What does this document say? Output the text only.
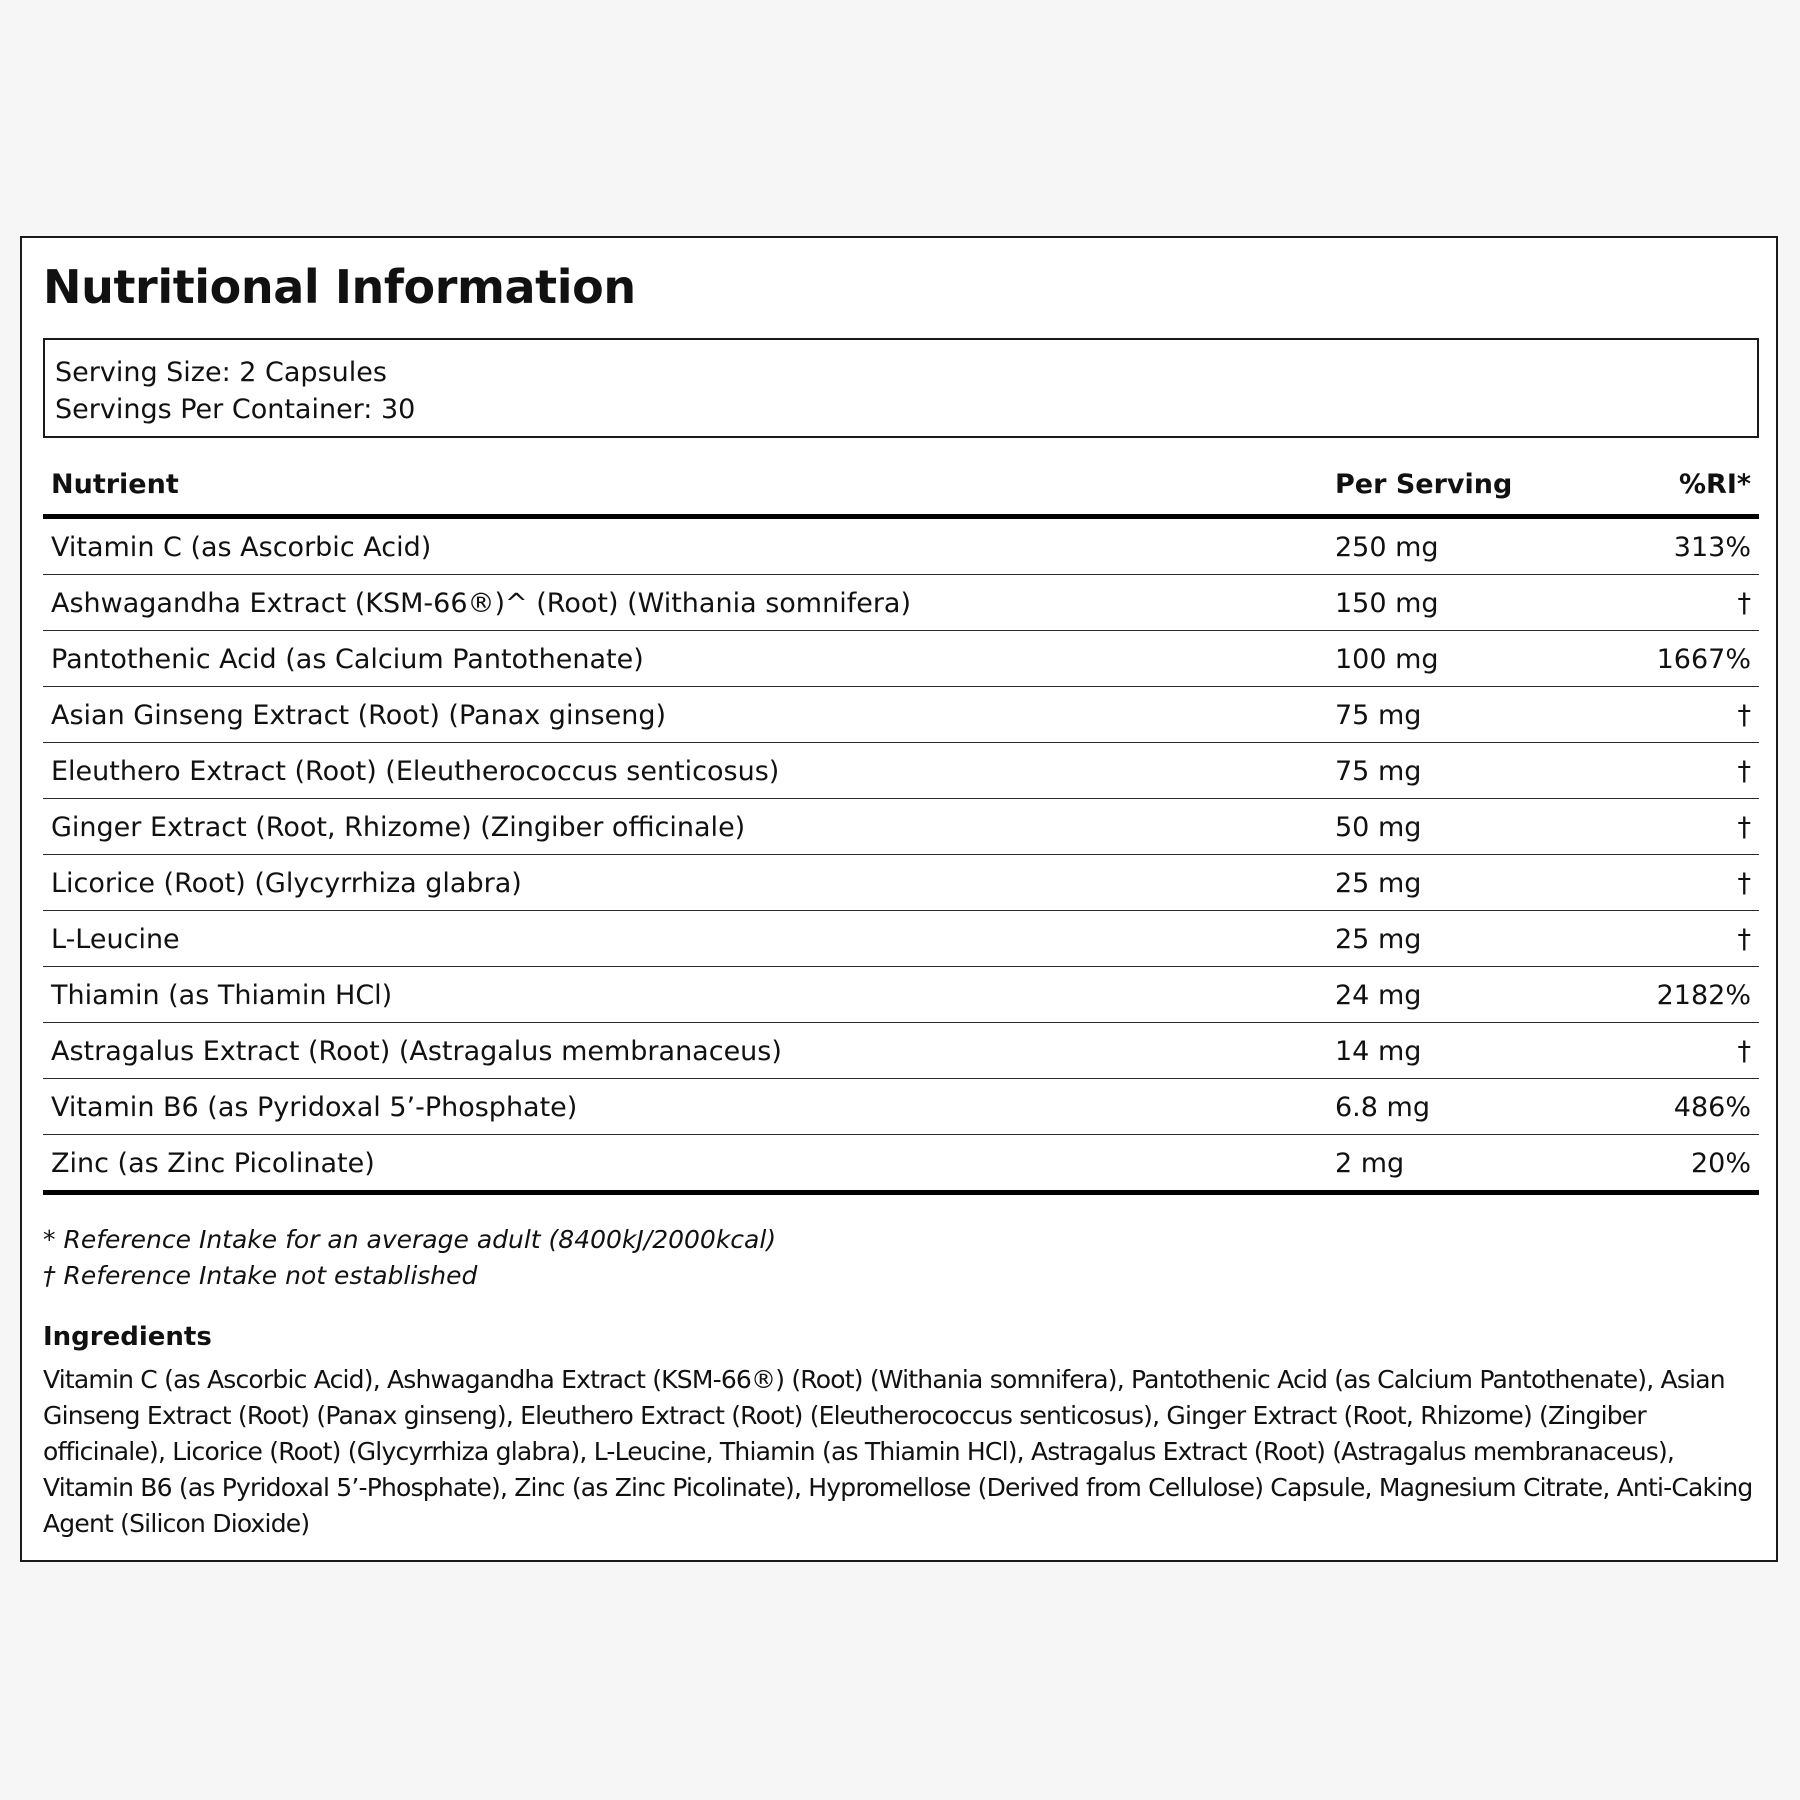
Nutritional Information
Serving Size: 2 Capsules
Servings Per Container: 30
Nutrient	Per Serving	%RI*
Vitamin C (as Ascorbic Acid)	250 mg	313%
Ashwagandha Extract (KSM-66®)^ (Root) (Withania somnifera)	150 mg	†
Pantothenic Acid (as Calcium Pantothenate)	100 mg	1667%
Asian Ginseng Extract (Root) (Panax ginseng)	75 mg	†
Eleuthero Extract (Root) (Eleutherococcus senticosus)	75 mg	†
Ginger Extract (Root, Rhizome) (Zingiber officinale)	50 mg	†
Licorice (Root) (Glycyrrhiza glabra)	25 mg	†
L-Leucine	25 mg	†
Thiamin (as Thiamin HCl)	24 mg	2182%
Astragalus Extract (Root) (Astragalus membranaceus)	14 mg	†
Vitamin B6 (as Pyridoxal 5’-Phosphate)	6.8 mg	486%
Zinc (as Zinc Picolinate)	2 mg	20%
* Reference Intake for an average adult (8400kJ/2000kcal)
† Reference Intake not established
Ingredients
Vitamin C (as Ascorbic Acid), Ashwagandha Extract (KSM-66®) (Root) (Withania somnifera), Pantothenic Acid (as Calcium Pantothenate), Asian Ginseng Extract (Root) (Panax ginseng), Eleuthero Extract (Root) (Eleutherococcus senticosus), Ginger Extract (Root, Rhizome) (Zingiber officinale), Licorice (Root) (Glycyrrhiza glabra), L-Leucine, Thiamin (as Thiamin HCl), Astragalus Extract (Root) (Astragalus membranaceus), Vitamin B6 (as Pyridoxal 5’-Phosphate), Zinc (as Zinc Picolinate), Hypromellose (Derived from Cellulose) Capsule, Magnesium Citrate, Anti-Caking Agent (Silicon Dioxide)
